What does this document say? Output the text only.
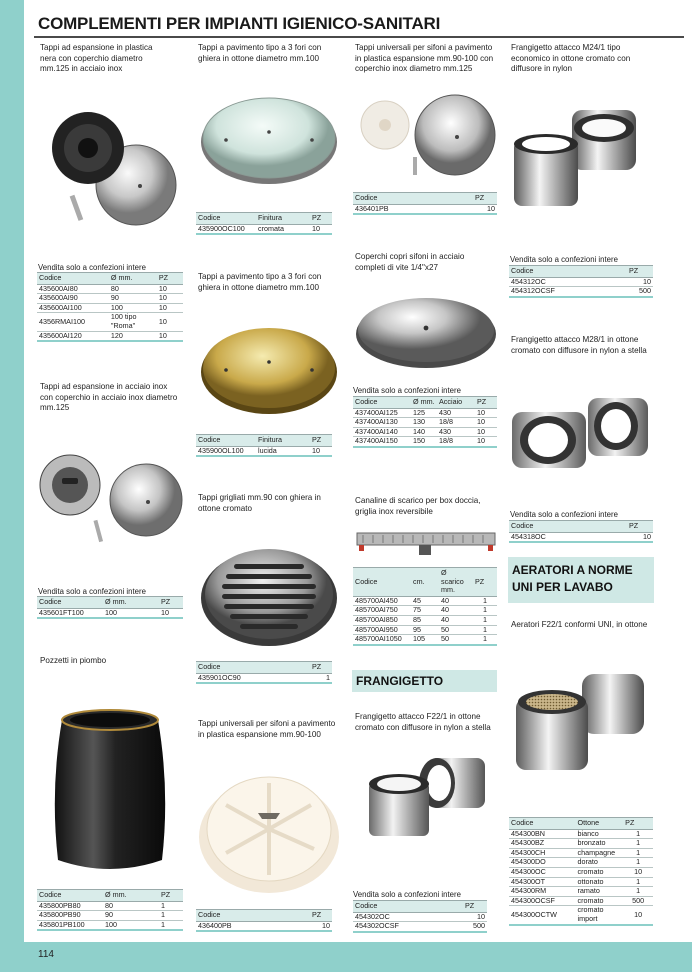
114
COMPLEMENTI PER IMPIANTI IGIENICO-SANITARI
Tappi ad espansione in plastica nera con coperchio diametro mm.125 in acciaio inox
Vendita solo a confezioni intere
Codice	Ø mm.	PZ
435600AI80	80	10
435600AI90	90	10
435600AI100	100	10
4356RMAI100	100 tipo "Roma"	10
435600AI120	120	10
Tappi ad espansione in acciaio inox con coperchio in acciaio inox diametro mm.125
Vendita solo a confezioni intere
Codice	Ø mm.	PZ
435601FT100	100	10
Pozzetti in piombo
Codice	Ø mm.	PZ
435800PB80	80	1
435800PB90	90	1
435801PB100	100	1
Tappi a pavimento tipo a 3 fori con ghiera in ottone diametro mm.100
Codice	Finitura	PZ
435900OC100	cromata	10
Tappi a pavimento tipo a 3 fori con ghiera in ottone diametro mm.100
Codice	Finitura	PZ
435900OL100	lucida	10
Tappi grigliati mm.90 con ghiera in ottone cromato
Codice	PZ
435901OC90	1
Tappi universali per sifoni a pavimento in plastica espansione mm.90-100
Codice	PZ
436400PB	10
Tappi universali per sifoni a pavimento in plastica espansione mm.90-100 con coperchio inox diametro mm.125
Codice	PZ
436401PB	10
Coperchi copri sifoni in acciaio completi di vite 1/4"x27
Vendita solo a confezioni intere
Codice	Ø mm.	Acciaio	PZ
437400AI125	125	430	10
437400AI130	130	18/8	10
437400AI140	140	430	10
437400AI150	150	18/8	10
Canaline di scarico per box doccia, griglia inox reversibile
Codice	cm.	Ø scarico mm.	PZ
485700AI450	45	40	1
485700AI750	75	40	1
485700AI850	85	40	1
485700AI950	95	50	1
485700AI1050	105	50	1
FRANGIGETTO
Frangigetto attacco F22/1 in ottone cromato con diffusore in nylon a stella
Vendita solo a confezioni intere
Codice	PZ
454302OC	10
454302OCSF	500
Frangigetto attacco M24/1 tipo economico in ottone cromato con diffusore in nylon
Vendita solo a confezioni intere
Codice	PZ
454312OC	10
454312OCSF	500
Frangigetto attacco M28/1 in ottone cromato con diffusore in nylon a stella
Vendita solo a confezioni intere
Codice	PZ
454318OC	10
AERATORI A NORME UNI PER LAVABO
Aeratori F22/1 conformi UNI, in ottone
Codice	Ottone	PZ
454300BN	bianco	1
454300BZ	bronzato	1
454300CH	champagne	1
454300DO	dorato	1
454300OC	cromato	10
454300OT	ottonato	1
454300RM	ramato	1
454300OCSF	cromato	500
454300OCTW	cromato import	10
